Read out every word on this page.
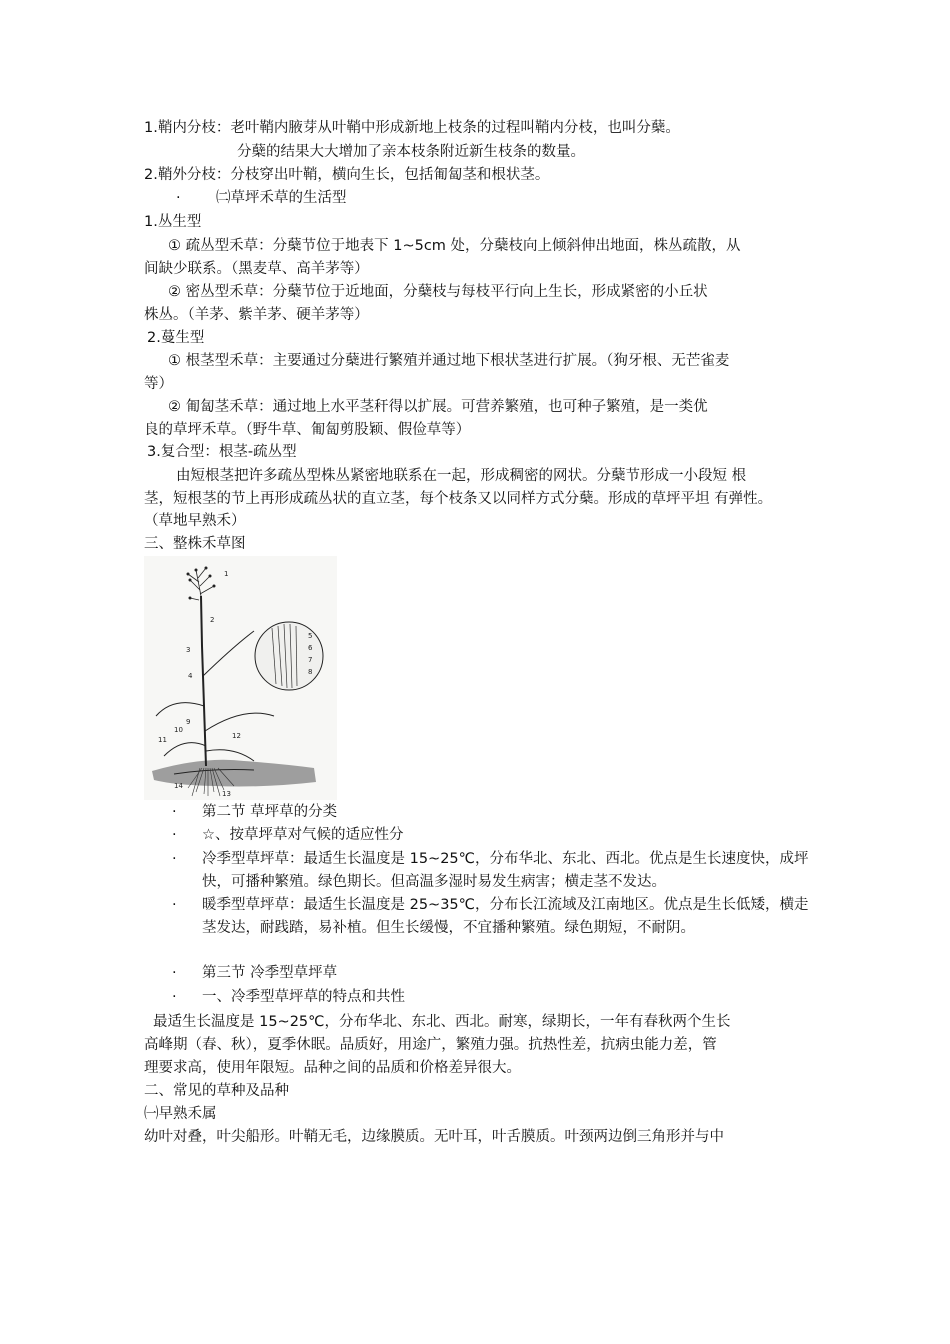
1.鞘内分枝：老叶鞘内腋芽从叶鞘中形成新地上枝条的过程叫鞘内分枝，也叫分蘖。
分蘖的结果大大增加了亲本枝条附近新生枝条的数量。
2.鞘外分枝：分枝穿出叶鞘，横向生长，包括匍匐茎和根状茎。
· ㈡草坪禾草的生活型
1.丛生型
① 疏丛型禾草：分蘖节位于地表下 1~5cm 处，分蘖枝向上倾斜伸出地面，株丛疏散，从
间缺少联系。（黑麦草、高羊茅等）
② 密丛型禾草：分蘖节位于近地面，分蘖枝与每枝平行向上生长，形成紧密的小丘状
株丛。（羊茅、紫羊茅、硬羊茅等）
2.蔓生型
① 根茎型禾草：主要通过分蘖进行繁殖并通过地下根状茎进行扩展。（狗牙根、无芒雀麦
等）
② 匍匐茎禾草：通过地上水平茎秆得以扩展。可营养繁殖，也可种子繁殖，是一类优
良的草坪禾草。（野牛草、匍匐剪股颖、假俭草等）
3.复合型：根茎-疏丛型
由短根茎把许多疏丛型株丛紧密地联系在一起，形成稠密的网状。分蘖节形成一小段短 根
茎，短根茎的节上再形成疏丛状的直立茎，每个枝条又以同样方式分蘖。形成的草坪平坦 有弹性。
（草地早熟禾）
三、整株禾草图
1
2
3
4
5
6
7
8
9
10
11	12
13
14
· 第二节 草坪草的分类
· ☆、按草坪草对气候的适应性分
· 冷季型草坪草：最适生长温度是 15~25℃，分布华北、东北、西北。优点是生长速度快，成坪快，可播种繁殖。绿色期长。但高温多湿时易发生病害；横走茎不发达。
· 暖季型草坪草：最适生长温度是 25~35℃，分布长江流域及江南地区。优点是生长低矮，横走茎发达，耐践踏，易补植。但生长缓慢，不宜播种繁殖。绿色期短，不耐阴。
· 第三节 冷季型草坪草
· 一、冷季型草坪草的特点和共性
最适生长温度是 15~25℃，分布华北、东北、西北。耐寒，绿期长，一年有春秋两个生长
高峰期（春、秋），夏季休眠。品质好，用途广，繁殖力强。抗热性差，抗病虫能力差，管
理要求高，使用年限短。品种之间的品质和价格差异很大。
二、常见的草种及品种
㈠早熟禾属
幼叶对叠，叶尖船形。叶鞘无毛，边缘膜质。无叶耳，叶舌膜质。叶颈两边倒三角形并与中
